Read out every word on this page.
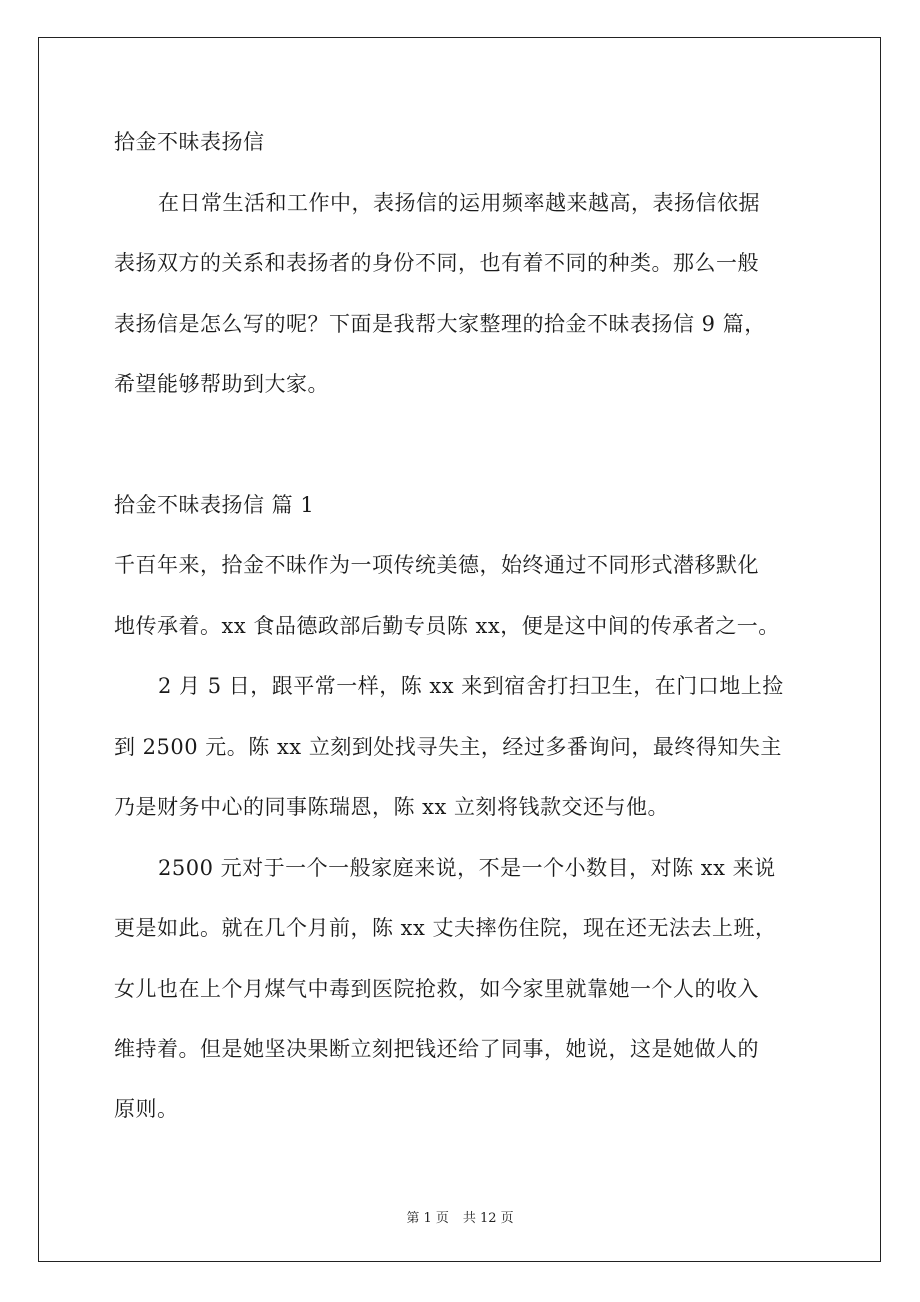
拾金不昧表扬信
在日常生活和工作中，表扬信的运用频率越来越高，表扬信依据
表扬双方的关系和表扬者的身份不同，也有着不同的种类。那么一般
表扬信是怎么写的呢？下面是我帮大家整理的拾金不昧表扬信 9 篇，
希望能够帮助到大家。
拾金不昧表扬信 篇 1
千百年来，拾金不昧作为一项传统美德，始终通过不同形式潜移默化
地传承着。xx 食品德政部后勤专员陈 xx，便是这中间的传承者之一。
2 月 5 日，跟平常一样，陈 xx 来到宿舍打扫卫生，在门口地上捡
到 2500 元。陈 xx 立刻到处找寻失主，经过多番询问，最终得知失主
乃是财务中心的同事陈瑞恩，陈 xx 立刻将钱款交还与他。
2500 元对于一个一般家庭来说，不是一个小数目，对陈 xx 来说
更是如此。就在几个月前，陈 xx 丈夫摔伤住院，现在还无法去上班，
女儿也在上个月煤气中毒到医院抢救，如今家里就靠她一个人的收入
维持着。但是她坚决果断立刻把钱还给了同事，她说，这是她做人的
原则。
第 1 页 共 12 页
